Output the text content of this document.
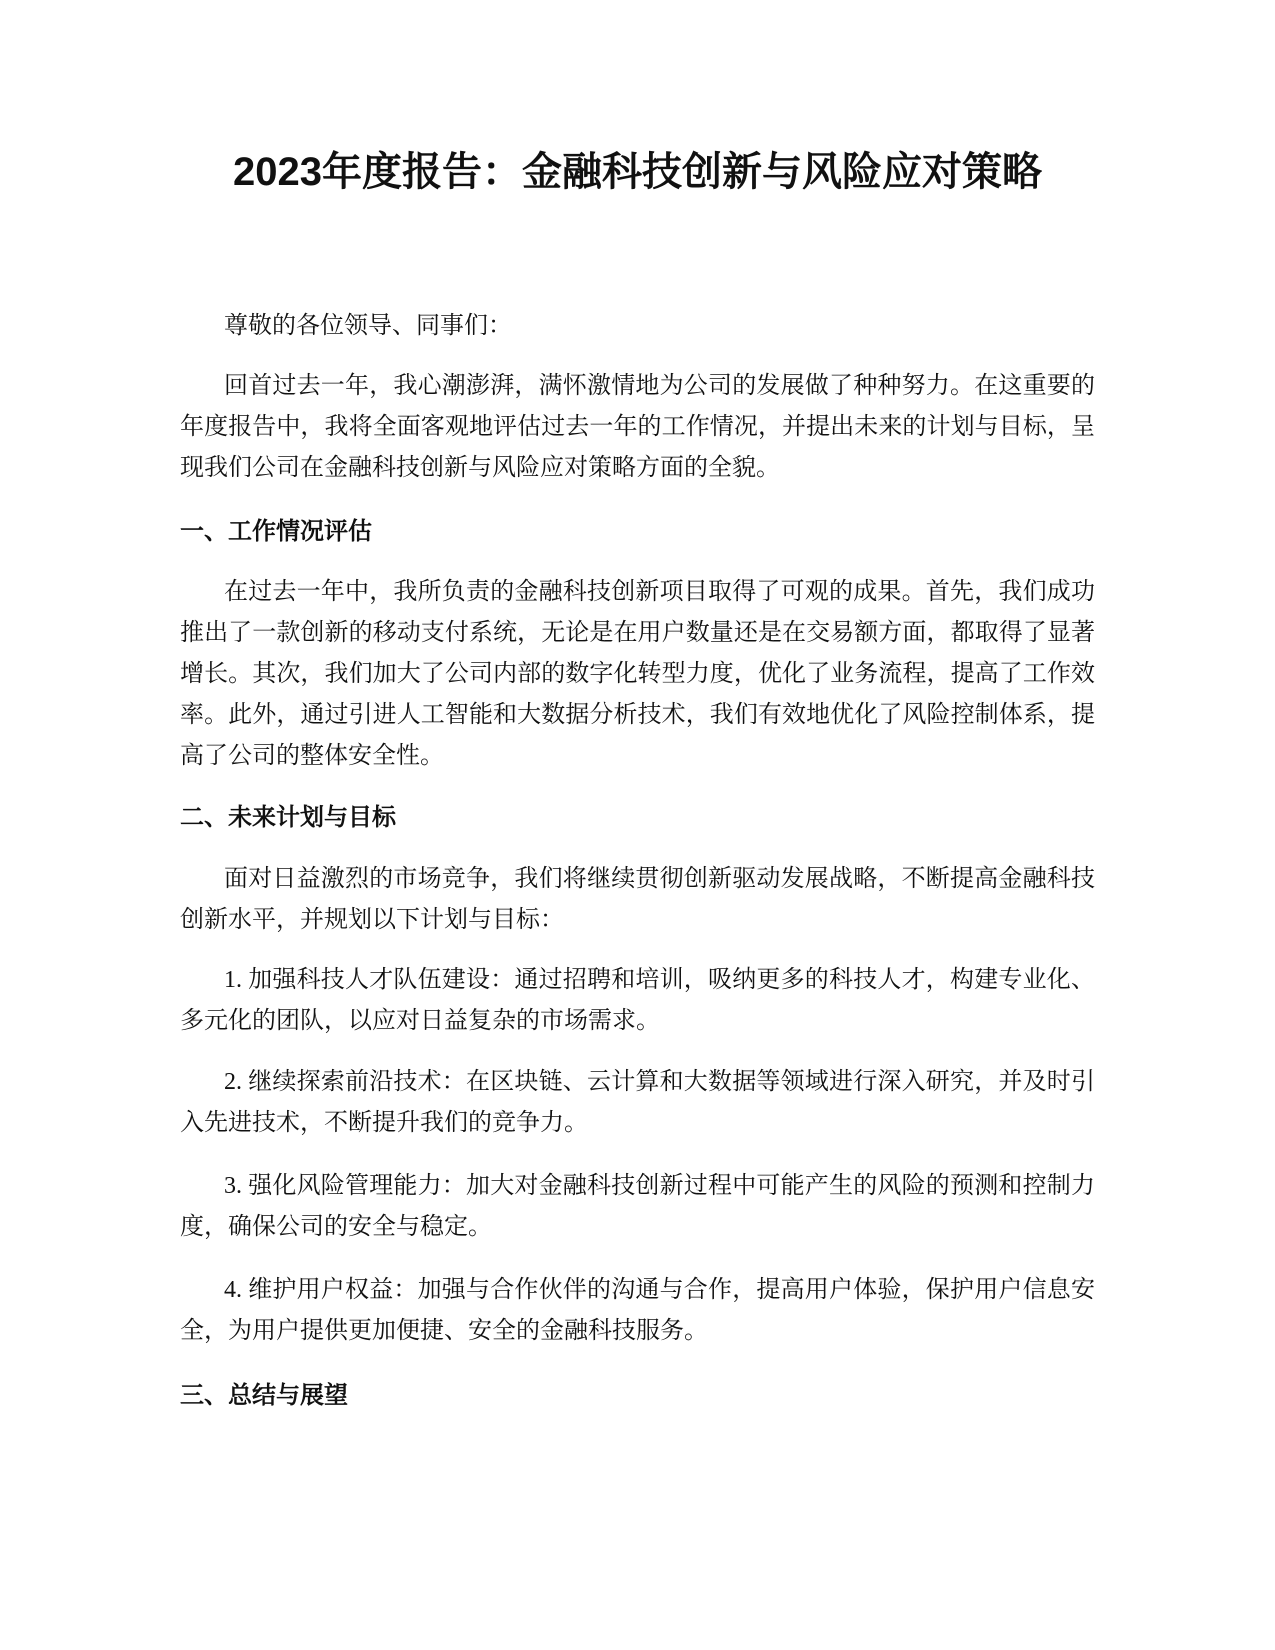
2023年度报告：金融科技创新与风险应对策略

尊敬的各位领导、同事们：

回首过去一年，我心潮澎湃，满怀激情地为公司的发展做了种种努力。在这重要的年度报告中，我将全面客观地评估过去一年的工作情况，并提出未来的计划与目标，呈现我们公司在金融科技创新与风险应对策略方面的全貌。

一、工作情况评估

在过去一年中，我所负责的金融科技创新项目取得了可观的成果。首先，我们成功推出了一款创新的移动支付系统，无论是在用户数量还是在交易额方面，都取得了显著增长。其次，我们加大了公司内部的数字化转型力度，优化了业务流程，提高了工作效率。此外，通过引进人工智能和大数据分析技术，我们有效地优化了风险控制体系，提高了公司的整体安全性。

二、未来计划与目标

面对日益激烈的市场竞争，我们将继续贯彻创新驱动发展战略，不断提高金融科技创新水平，并规划以下计划与目标：

1. 加强科技人才队伍建设：通过招聘和培训，吸纳更多的科技人才，构建专业化、多元化的团队，以应对日益复杂的市场需求。

2. 继续探索前沿技术：在区块链、云计算和大数据等领域进行深入研究，并及时引入先进技术，不断提升我们的竞争力。

3. 强化风险管理能力：加大对金融科技创新过程中可能产生的风险的预测和控制力度，确保公司的安全与稳定。

4. 维护用户权益：加强与合作伙伴的沟通与合作，提高用户体验，保护用户信息安全，为用户提供更加便捷、安全的金融科技服务。

三、总结与展望
